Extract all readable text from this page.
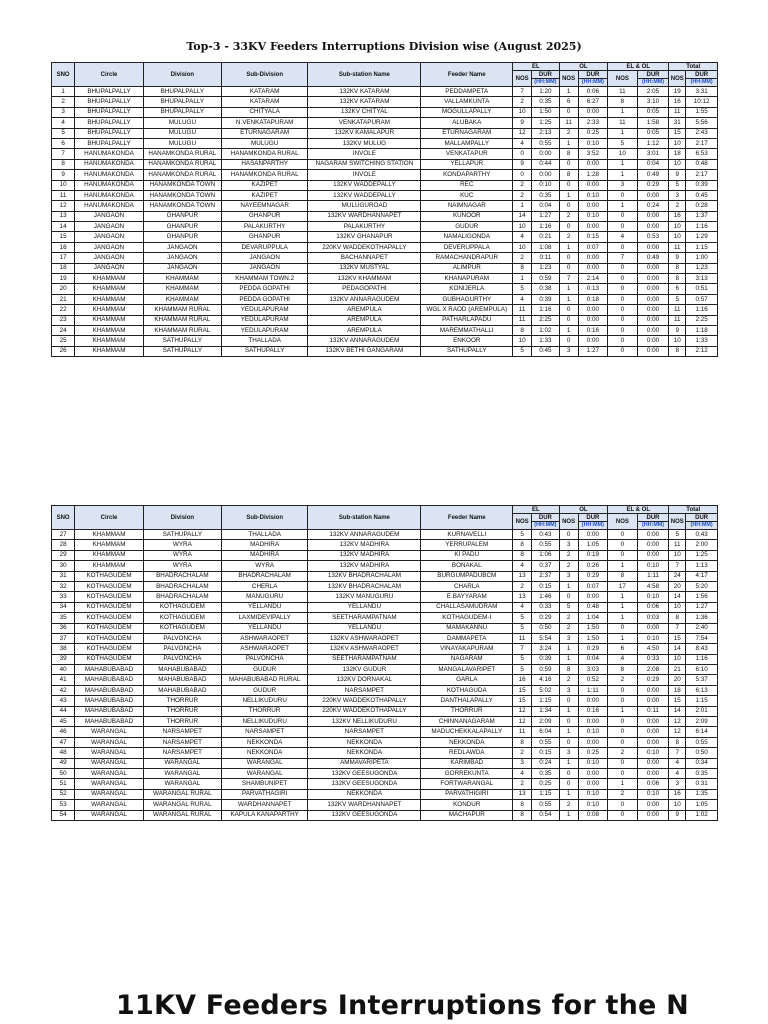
Top-3 - 33KV Feeders Interruptions Division wise (August 2025)
SNO	Circle	Division	Sub-Division	Sub-station Name	Feeder Name	EL		OL		EL & OL		Total	
						NOS	DUR	NOS	DUR	NOS	DUR	NOS	DUR
							(HH:MM)		(HH:MM)		(HH:MM)		(HH:MM)
1	BHUPALPALLY	BHUPALPALLY	KATARAM	132KV KATARAM	PEDDAMPETA	7	1:20	1	0:06	11	2:05	19	3:31
2	BHUPALPALLY	BHUPALPALLY	KATARAM	132KV KATARAM	VALLAMKUNTA	2	0:35	6	6:27	8	3:10	16	10:12
3	BHUPALPALLY	BHUPALPALLY	CHITYALA	132KV CHITYAL	MOGULLAPALLY	10	1:50	0	0:00	1	0:05	11	1:55
4	BHUPALPALLY	MULUGU	N.VENKATAPURAM	VENKATAPURAM	ALUBAKA	9	1:25	11	2:33	11	1:58	31	5:56
5	BHUPALPALLY	MULUGU	ETURNAGARAM	132KV KAMALAPUR	ETURNAGARAM	12	2:13	2	0:25	1	0:05	15	2:43
6	BHUPALPALLY	MULUGU	MULUGU	132KV MULUG	MALLAMPALLY	4	0:55	1	0:10	5	1:12	10	2:17
7	HANUMAKONDA	HANAMKONDA RURAL	HANAMKONDA RURAL	INVOLE	VENKATAPUR	0	0:00	8	3:52	10	3:01	18	6:53
8	HANUMAKONDA	HANAMKONDA RURAL	HASANPARTHY	NAGARAM SWITCHING STATION	YELLAPUR	9	0:44	0	0:00	1	0:04	10	0:48
9	HANUMAKONDA	HANAMKONDA RURAL	HANAMKONDA RURAL	INVOLE	KONDAPARTHY	0	0:00	8	1:28	1	0:49	9	2:17
10	HANUMAKONDA	HANAMKONDA TOWN	KAZIPET	132KV WADDEPALLY	REC	2	0:10	0	0:00	3	0:29	5	0:39
11	HANUMAKONDA	HANAMKONDA TOWN	KAZIPET	132KV WADDEPALLY	KUC	2	0:35	1	0:10	0	0:00	3	0:45
12	HANUMAKONDA	HANAMKONDA TOWN	NAYEEMNAGAR	MULUGUROAD	NAIMNAGAR	1	0:04	0	0:00	1	0:24	2	0:28
13	JANGAON	GHANPUR	GHANPUR	132KV WARDHANNAPET	KUNOOR	14	1:27	2	0:10	0	0:00	16	1:37
14	JANGAON	GHANPUR	PALAKURTHY	PALAKURTHY	GUDUR	10	1:16	0	0:00	0	0:00	10	1:16
15	JANGAON	GHANPUR	GHANPUR	132KV GHANAPUR	NAMALIGONDA	4	0:21	2	0:15	4	0:53	10	1:29
16	JANGAON	JANGAON	DEVARUPPULA	220KV WADDEKOTHAPALLY	DEVERUPPALA	10	1:08	1	0:07	0	0:00	11	1:15
17	JANGAON	JANGAON	JANGAON	BACHANNAPET	RAMACHANDRAPUR	2	0:11	0	0:00	7	0:49	9	1:00
18	JANGAON	JANGAON	JANGAON	132KV MUSTYAL	ALIMPUR	8	1:23	0	0:00	0	0:00	8	1:23
19	KHAMMAM	KHAMMAM	KHAMMAM TOWN.2	132KV KHAMMAM	KHANAPURAM	1	0:59	7	2:14	0	0:00	8	3:13
20	KHAMMAM	KHAMMAM	PEDDA GOPATHI	PEDAGOPATHI	KONIJERLA	5	0:38	1	0:13	0	0:00	6	0:51
21	KHAMMAM	KHAMMAM	PEDDA GOPATHI	132KV ANNARAGUDEM	GUBHAGURTHY	4	0:39	1	0:18	0	0:00	5	0:57
22	KHAMMAM	KHAMMAM RURAL	YEDULAPURAM	AREMPULA	WGL X RAOD (AREMPULA)	11	1:16	0	0:00	0	0:00	11	1:16
23	KHAMMAM	KHAMMAM RURAL	YEDULAPURAM	AREMPULA	PATHARLAPADU	11	2:25	0	0:00	0	0:00	11	2:25
24	KHAMMAM	KHAMMAM RURAL	YEDULAPURAM	AREMPULA	MAREMMATHALLI	8	1:02	1	0:16	0	0:00	9	1:18
25	KHAMMAM	SATHUPALLY	THALLADA	132KV ANNARAGUDEM	ENKOOR	10	1:33	0	0:00	0	0:00	10	1:33
26	KHAMMAM	SATHUPALLY	SATHUPALLY	132KV BETHI GANGARAM	SATHUPALLY	5	0:45	3	1:27	0	0:00	8	2:12
SNO	Circle	Division	Sub-Division	Sub-station Name	Feeder Name	EL		OL		EL & OL		Total	
						NOS	DUR	NOS	DUR	NOS	DUR	NOS	DUR
							(HH:MM)		(HH:MM)		(HH:MM)		(HH:MM)
27	KHAMMAM	SATHUPALLY	THALLADA	132KV ANNARAGUDEM	KURNAVELLI	5	0:43	0	0:00	0	0:00	5	0:43
28	KHAMMAM	WYRA	MADHIRA	132KV MADHIRA	YERRUPALEM	8	0:55	3	1:05	0	0:00	11	2:00
29	KHAMMAM	WYRA	MADHIRA	132KV MADHIRA	KI PADU	8	1:06	2	0:19	0	0:00	10	1:25
30	KHAMMAM	WYRA	WYRA	132KV MADHIRA	BONAKAL	4	0:37	2	0:26	1	0:10	7	1:13
31	KOTHAGUDEM	BHADRACHALAM	BHADRACHALAM	132KV BHADRACHALAM	BURGUMPADUBCM	13	2:37	3	0:29	8	1:11	24	4:17
32	KOTHAGUDEM	BHADRACHALAM	CHERLA	132KV BHADRACHALAM	CHARLA	2	0:15	1	0:07	17	4:58	20	5:20
33	KOTHAGUDEM	BHADRACHALAM	MANUGURU	132KV MANUGURU	E.BAYYARAM	13	1:46	0	0:00	1	0:10	14	1:56
34	KOTHAGUDEM	KOTHAGUDEM	YELLANDU	YELLANDU	CHALLASAMUDRAM	4	0:33	5	0:48	1	0:06	10	1:27
35	KOTHAGUDEM	KOTHAGUDEM	LAXMIDEVIPALLY	SEETHARAMPATNAM	KOTHAGUDEM-I	5	0:29	2	1:04	1	0:03	8	1:36
36	KOTHAGUDEM	KOTHAGUDEM	YELLANDU	YELLANDU	MAMAKANNU	5	0:50	2	1:50	0	0:00	7	2:40
37	KOTHAGUDEM	PALVONCHA	ASHWARAOPET	132KV ASHWARAOPET	DAMMAPETA	11	5:54	3	1:50	1	0:10	15	7:54
38	KOTHAGUDEM	PALVONCHA	ASHWARAOPET	132KV ASHWARAOPET	VINAYAKAPURAM	7	3:24	1	0:29	6	4:50	14	8:43
39	KOTHAGUDEM	PALVONCHA	PALVONCHA	SEETHARAMPATNAM	NAGARAM	5	0:39	1	0:04	4	0:33	10	1:16
40	MAHABUBABAD	MAHABUBABAD	GUDUR	132KV GUDUR	MANGALAVARIPET	5	0:59	8	3:03	8	2:08	21	6:10
41	MAHABUBABAD	MAHABUBABAD	MAHABUBABAD RURAL	132KV DORNAKAL	GARLA	16	4:16	2	0:52	2	0:29	20	5:37
42	MAHABUBABAD	MAHABUBABAD	GUDUR	NARSAMPET	KOTHAGUDA	15	5:02	3	1:11	0	0:00	18	6:13
43	MAHABUBABAD	THORRUR	NELLIKUDURU	220KV WADDEKOTHAPALLY	DANTHALAPALLY	15	1:15	0	0:00	0	0:00	15	1:15
44	MAHABUBABAD	THORRUR	THORRUR	220KV WADDEKOTHAPALLY	THORRUR	12	1:34	1	0:16	1	0:11	14	2:01
45	MAHABUBABAD	THORRUR	NELLIKUDURU	132KV NELLIKUDURU	CHINNANAGARAM	12	2:09	0	0:00	0	0:00	12	2:09
46	WARANGAL	NARSAMPET	NARSAMPET	NARSAMPET	MADUCHEKKALAPALLY	11	6:04	1	0:10	0	0:00	12	6:14
47	WARANGAL	NARSAMPET	NEKKONDA	NEKKONDA	NEKKONDA	8	0:55	0	0:00	0	0:00	8	0:55
48	WARANGAL	NARSAMPET	NEKKONDA	NEKKONDA	REDLAWDA	2	0:15	3	0:25	2	0:10	7	0:50
49	WARANGAL	WARANGAL	WARANGAL	AMMAVARIPETA	KARIMBAD	3	0:24	1	0:10	0	0:00	4	0:34
50	WARANGAL	WARANGAL	WARANGAL	132KV GEESUGONDA	GORREKUNTA	4	0:35	0	0:00	0	0:00	4	0:35
51	WARANGAL	WARANGAL	SHAMBUNIPET	132KV GEESUGONDA	FORTWARANGAL	2	0:25	0	0:00	1	0:06	3	0:31
52	WARANGAL	WARANGAL RURAL	PARVATHAGIRI	NEKKONDA	PARVATHIGIRI	13	1:15	1	0:10	2	0:10	16	1:35
53	WARANGAL	WARANGAL RURAL	WARDHANNAPET	132KV WARDHANNAPET	KONDUR	8	0:55	2	0:10	0	0:00	10	1:05
54	WARANGAL	WARANGAL RURAL	KAPULA KANAPARTHY	132KV GEESUGONDA	MACHAPUR	8	0:54	1	0:08	0	0:00	9	1:02
11KV Feeders Interruptions for the N
